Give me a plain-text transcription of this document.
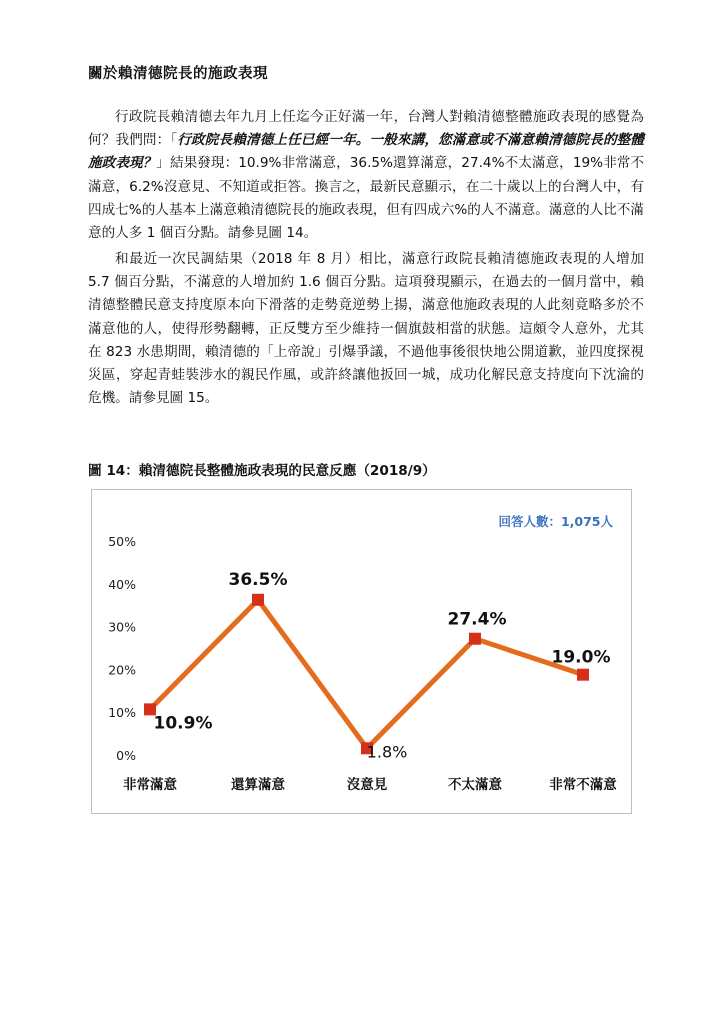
關於賴清德院長的施政表現

行政院長賴清德去年九月上任迄今正好滿一年，台灣人對賴清德整體施政表現的感覺為何？我們問：「行政院長賴清德上任已經一年。一般來講，您滿意或不滿意賴清德院長的整體施政表現？」結果發現：10.9%非常滿意，36.5%還算滿意，27.4%不太滿意，19%非常不滿意，6.2%沒意見、不知道或拒答。換言之，最新民意顯示，在二十歲以上的台灣人中，有四成七%的人基本上滿意賴清德院長的施政表現，但有四成六%的人不滿意。滿意的人比不滿意的人多 1 個百分點。請參見圖 14。

和最近一次民調結果（2018 年 8 月）相比，滿意行政院長賴清德施政表現的人增加 5.7 個百分點，不滿意的人增加約 1.6 個百分點。這項發現顯示，在過去的一個月當中，賴清德整體民意支持度原本向下滑落的走勢竟逆勢上揚，滿意他施政表現的人此刻竟略多於不滿意他的人，使得形勢翻轉，正反雙方至少維持一個旗鼓相當的狀態。這頗令人意外，尤其在 823 水患期間，賴清德的「上帝說」引爆爭議，不過他事後很快地公開道歉，並四度探視災區，穿起青蛙裝涉水的親民作風，或許終讓他扳回一城，成功化解民意支持度向下沈淪的危機。請參見圖 15。

圖 14：賴清德院長整體施政表現的民意反應（2018/9）
0%
10%
20%
30%
40%
50%
回答人數：1,075人
10.9%
36.5%
1.8%
27.4%
19.0%
非常滿意	還算滿意	沒意見	不太滿意	非常不滿意
